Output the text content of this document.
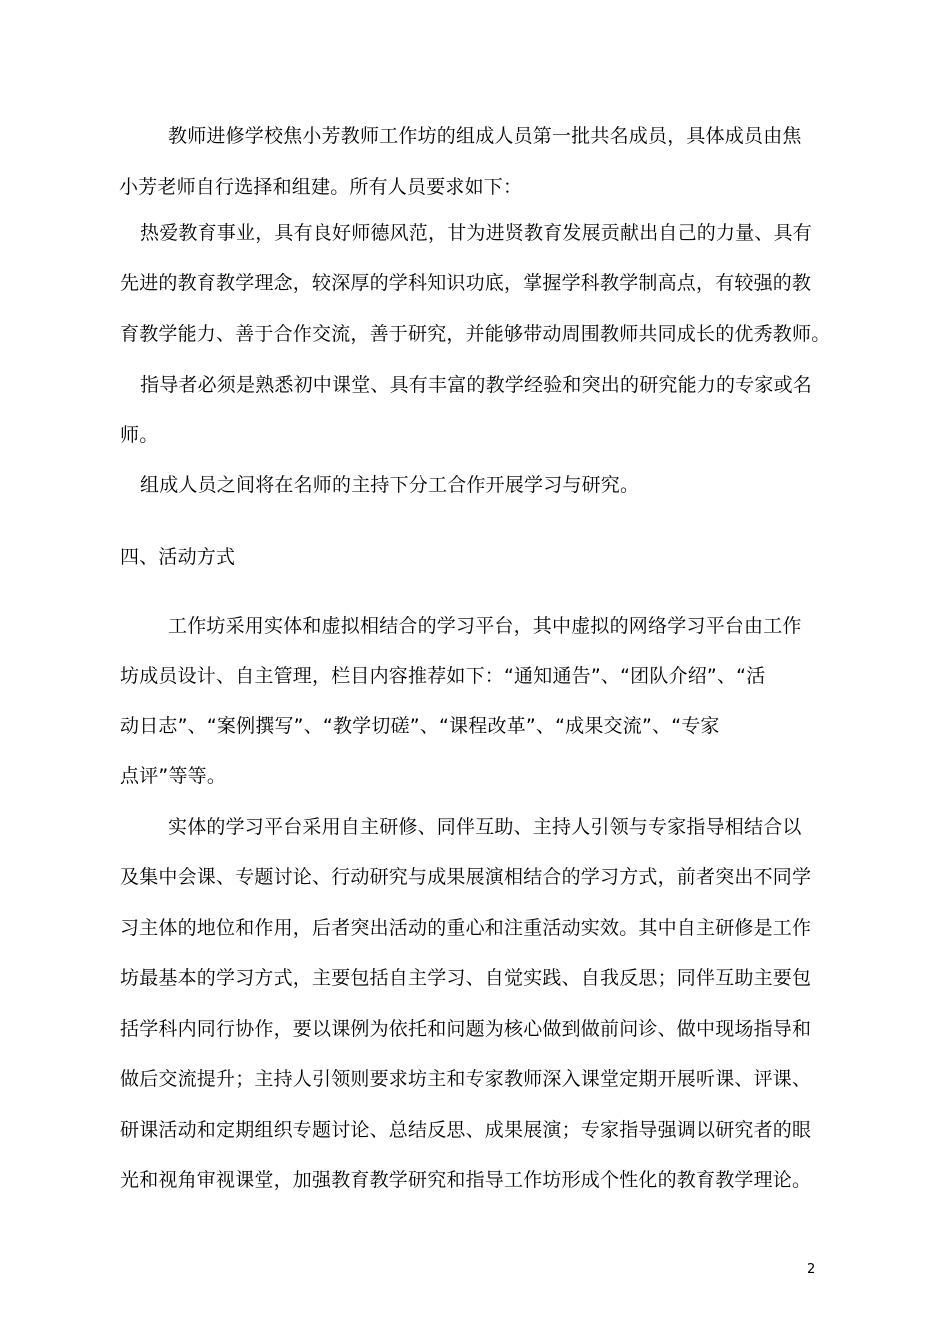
教师进修学校焦小芳教师工作坊的组成人员第一批共名成员，具体成员由焦
小芳老师自行选择和组建。所有人员要求如下：
热爱教育事业，具有良好师德风范，甘为进贤教育发展贡献出自己的力量、具有
先进的教育教学理念，较深厚的学科知识功底，掌握学科教学制高点，有较强的教
育教学能力、善于合作交流，善于研究，并能够带动周围教师共同成长的优秀教师。
指导者必须是熟悉初中课堂、具有丰富的教学经验和突出的研究能力的专家或名
师。
组成人员之间将在名师的主持下分工合作开展学习与研究。
四、活动方式
工作坊采用实体和虚拟相结合的学习平台，其中虚拟的网络学习平台由工作
坊成员设计、自主管理，栏目内容推荐如下：“通知通告”、“团队介绍”、“活
动日志”、“案例撰写”、“教学切磋”、“课程改革”、“成果交流”、“专家
点评”等等。
实体的学习平台采用自主研修、同伴互助、主持人引领与专家指导相结合以
及集中会课、专题讨论、行动研究与成果展演相结合的学习方式，前者突出不同学
习主体的地位和作用，后者突出活动的重心和注重活动实效。其中自主研修是工作
坊最基本的学习方式，主要包括自主学习、自觉实践、自我反思；同伴互助主要包
括学科内同行协作，要以课例为依托和问题为核心做到做前问诊、做中现场指导和
做后交流提升；主持人引领则要求坊主和专家教师深入课堂定期开展听课、评课、
研课活动和定期组织专题讨论、总结反思、成果展演；专家指导强调以研究者的眼
光和视角审视课堂，加强教育教学研究和指导工作坊形成个性化的教育教学理论。
2
